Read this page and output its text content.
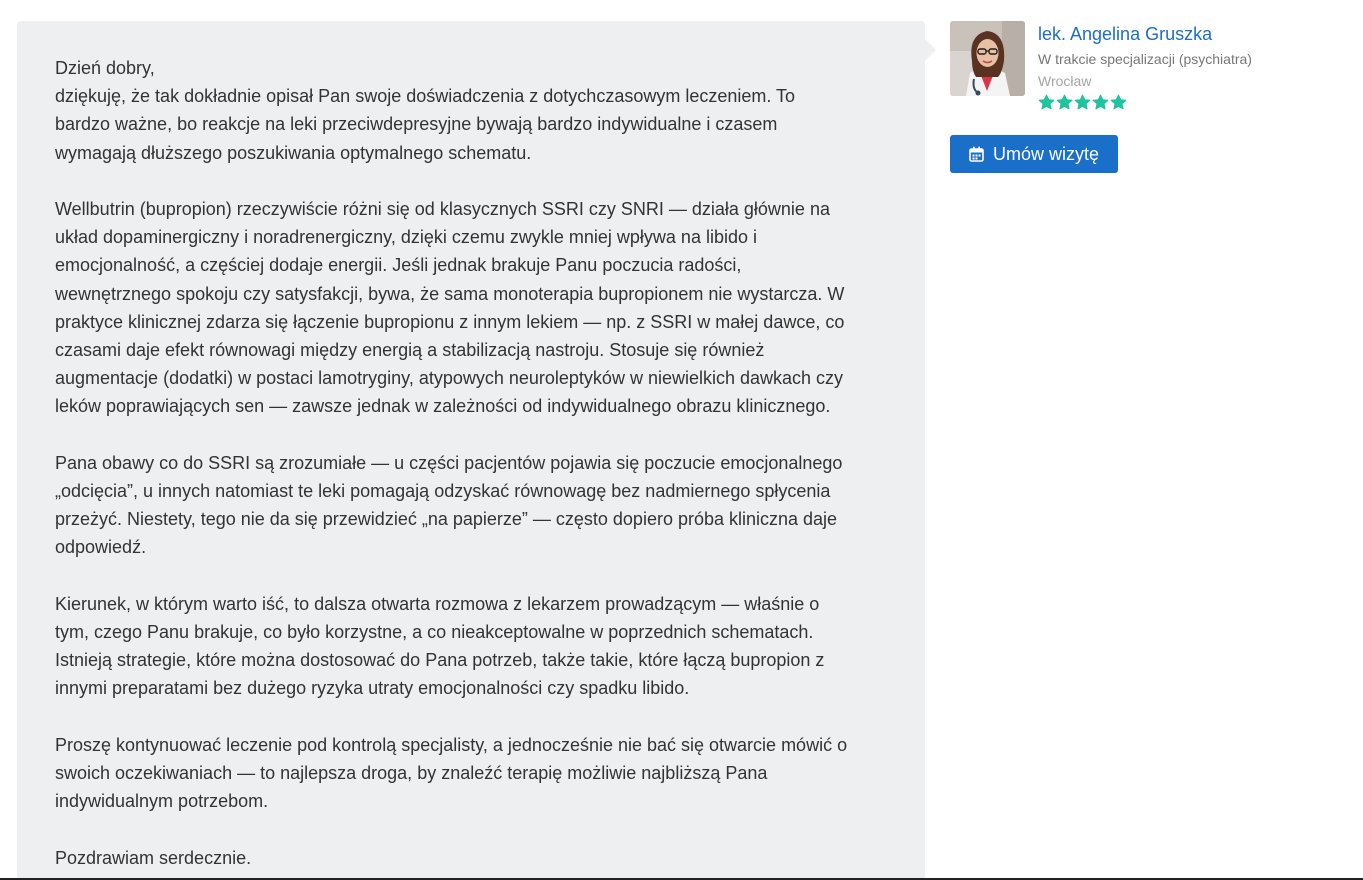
Dzień dobry,
dziękuję, że tak dokładnie opisał Pan swoje doświadczenia z dotychczasowym leczeniem. To
bardzo ważne, bo reakcje na leki przeciwdepresyjne bywają bardzo indywidualne i czasem
wymagają dłuższego poszukiwania optymalnego schematu.

Wellbutrin (bupropion) rzeczywiście różni się od klasycznych SSRI czy SNRI — działa głównie na
układ dopaminergiczny i noradrenergiczny, dzięki czemu zwykle mniej wpływa na libido i
emocjonalność, a częściej dodaje energii. Jeśli jednak brakuje Panu poczucia radości,
wewnętrznego spokoju czy satysfakcji, bywa, że sama monoterapia bupropionem nie wystarcza. W
praktyce klinicznej zdarza się łączenie bupropionu z innym lekiem — np. z SSRI w małej dawce, co
czasami daje efekt równowagi między energią a stabilizacją nastroju. Stosuje się również
augmentacje (dodatki) w postaci lamotryginy, atypowych neuroleptyków w niewielkich dawkach czy
leków poprawiających sen — zawsze jednak w zależności od indywidualnego obrazu klinicznego.

Pana obawy co do SSRI są zrozumiałe — u części pacjentów pojawia się poczucie emocjonalnego
„odcięcia”, u innych natomiast te leki pomagają odzyskać równowagę bez nadmiernego spłycenia
przeżyć. Niestety, tego nie da się przewidzieć „na papierze” — często dopiero próba kliniczna daje
odpowiedź.

Kierunek, w którym warto iść, to dalsza otwarta rozmowa z lekarzem prowadzącym — właśnie o
tym, czego Panu brakuje, co było korzystne, a co nieakceptowalne w poprzednich schematach.
Istnieją strategie, które można dostosować do Pana potrzeb, także takie, które łączą bupropion z
innymi preparatami bez dużego ryzyka utraty emocjonalności czy spadku libido.

Proszę kontynuować leczenie pod kontrolą specjalisty, a jednocześnie nie bać się otwarcie mówić o
swoich oczekiwaniach — to najlepsza droga, by znaleźć terapię możliwie najbliższą Pana
indywidualnym potrzebom.

Pozdrawiam serdecznie.

lek. Angelina Gruszka
W trakcie specjalizacji (psychiatra)
Wrocław
Umów wizytę
